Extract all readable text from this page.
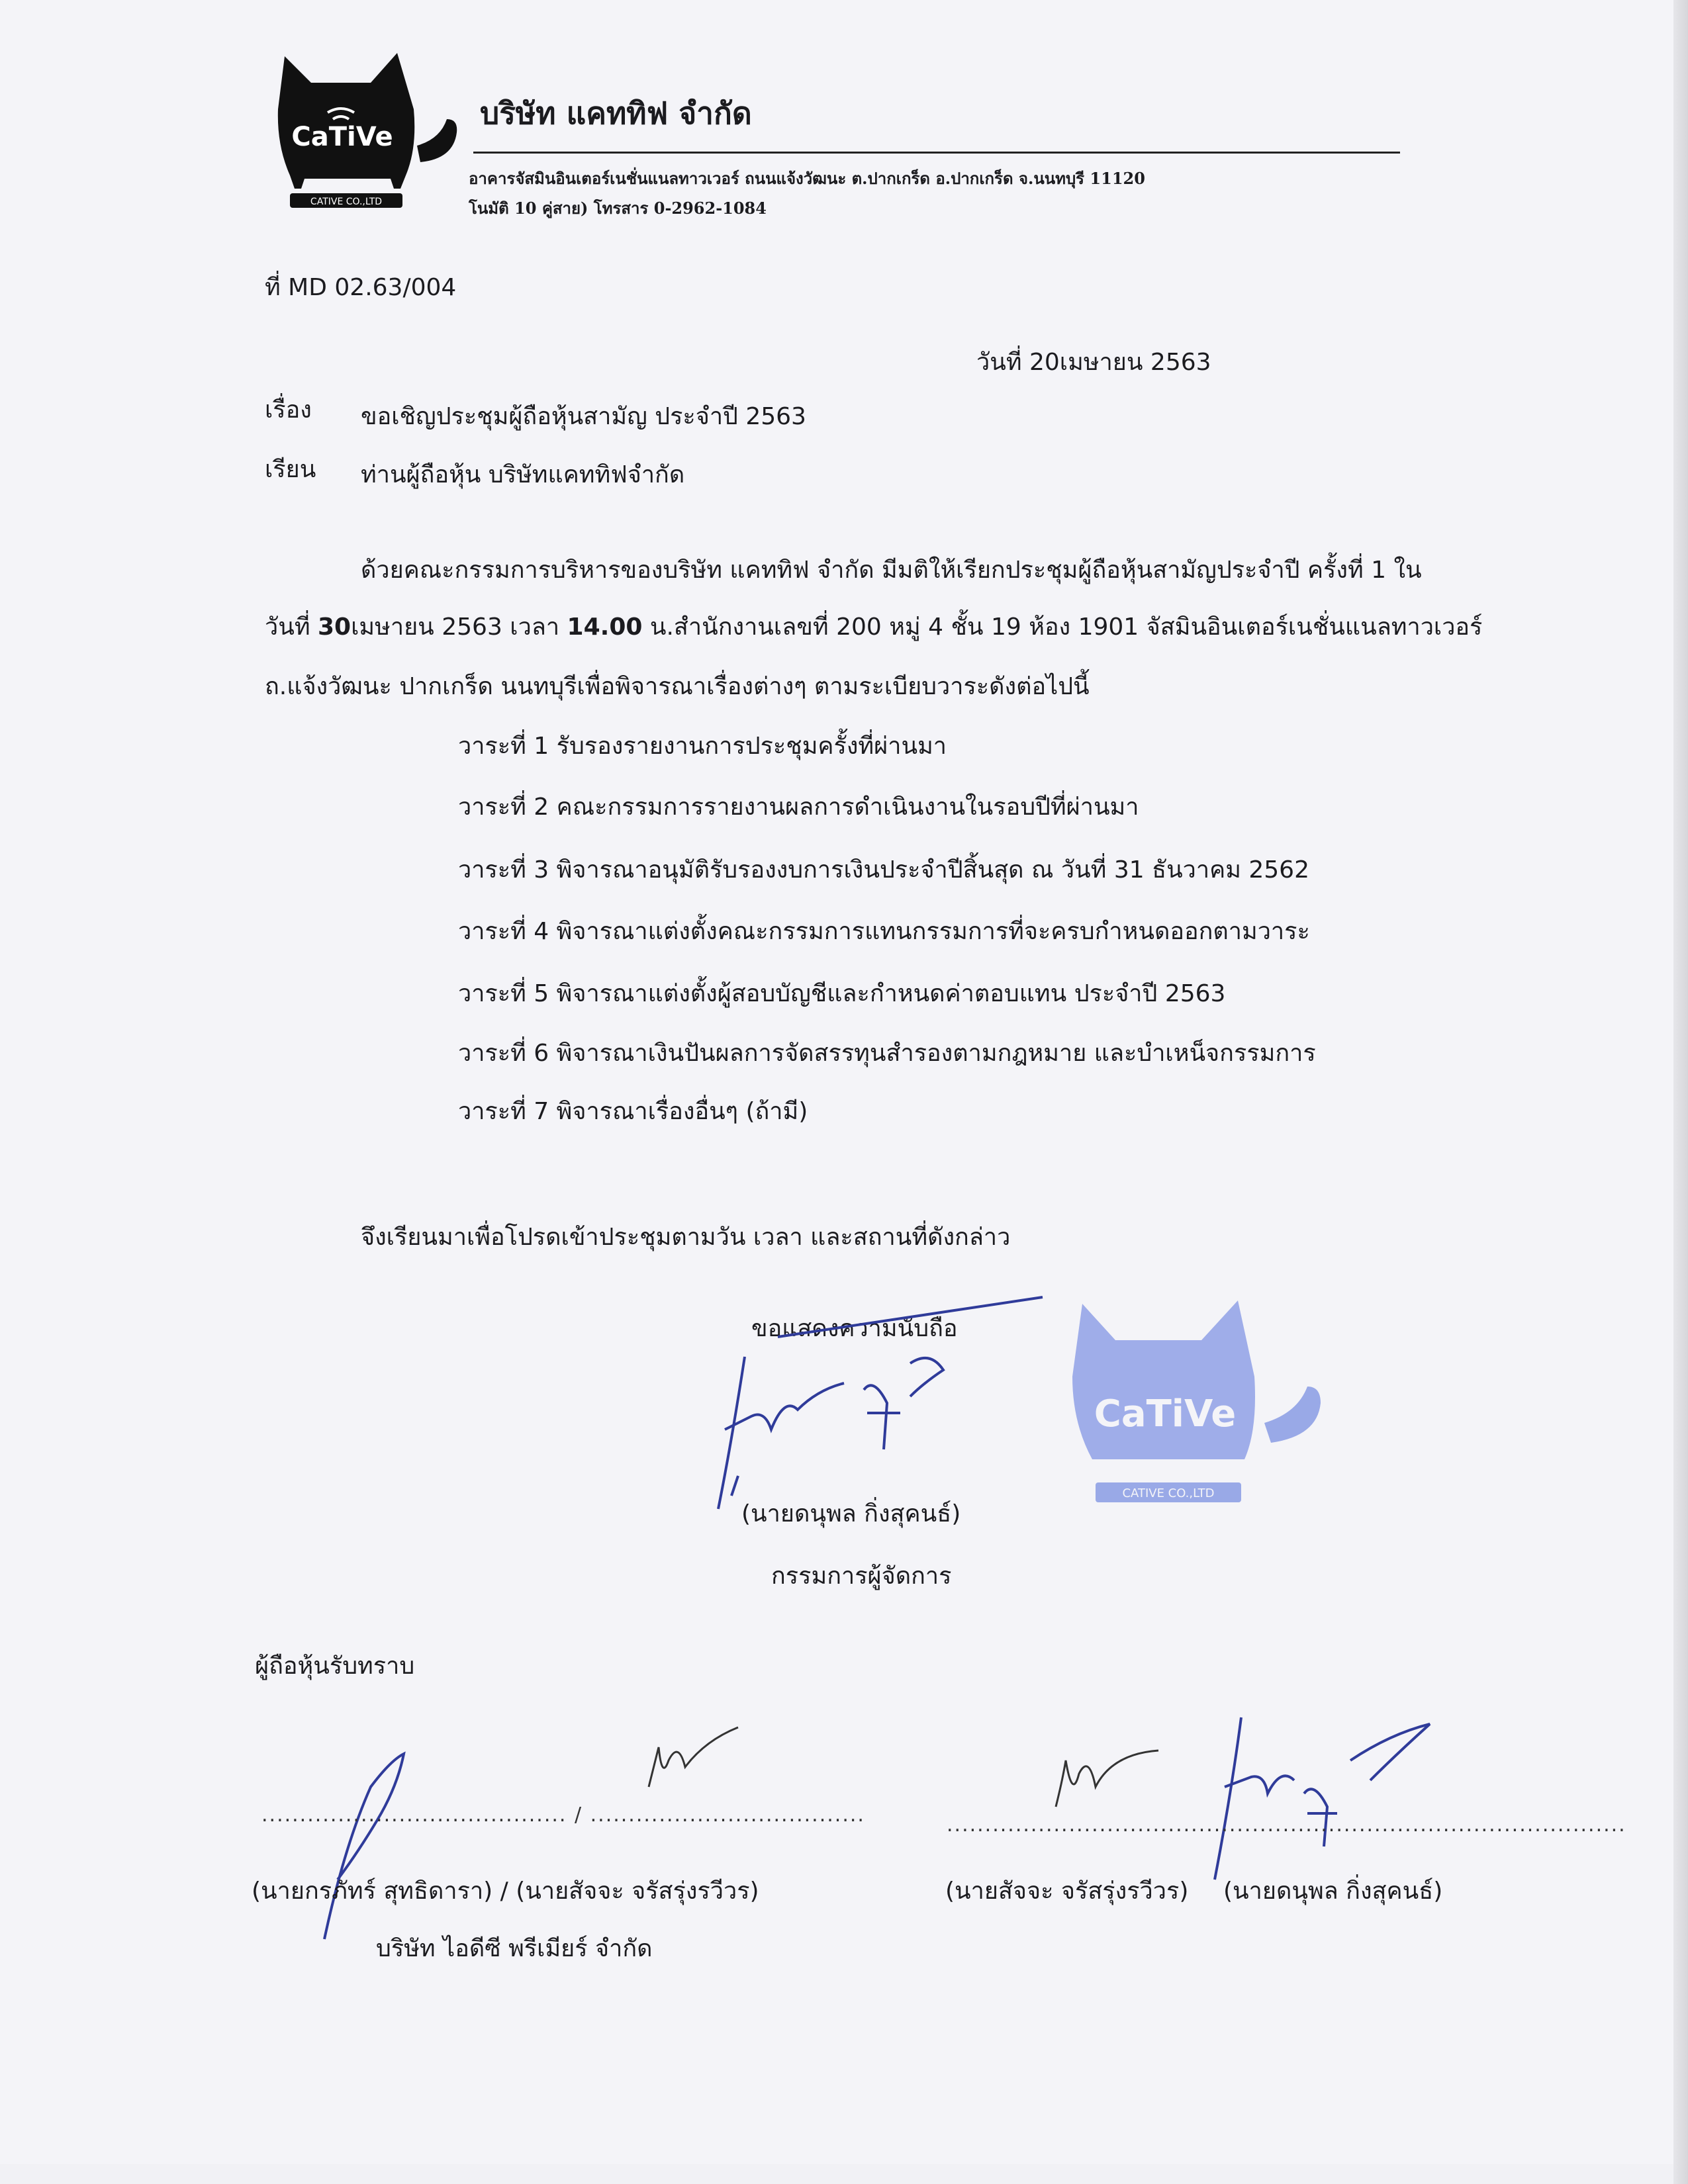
CaTiVe
CATIVE CO.,LTD
บริษัท แคททิฟ จำกัด
อาคารจัสมินอินเตอร์เนชั่นแนลทาวเวอร์ ถนนแจ้งวัฒนะ ต.ปากเกร็ด อ.ปากเกร็ด จ.นนทบุรี 11120
โนมัติ 10 คู่สาย) โทรสาร 0-2962-1084
ที่ MD 02.63/004
วันที่ 20เมษายน 2563
เรื่อง ขอเชิญประชุมผู้ถือหุ้นสามัญ ประจำปี 2563
เรียน ท่านผู้ถือหุ้น บริษัทแคททิฟจำกัด
ด้วยคณะกรรมการบริหารของบริษัท แคททิฟ จำกัด มีมติให้เรียกประชุมผู้ถือหุ้นสามัญประจำปี ครั้งที่ 1 ใน
วันที่ 30เมษายน 2563 เวลา 14.00 น.สำนักงานเลขที่ 200 หมู่ 4 ชั้น 19 ห้อง 1901 จัสมินอินเตอร์เนชั่นแนลทาวเวอร์
ถ.แจ้งวัฒนะ ปากเกร็ด นนทบุรีเพื่อพิจารณาเรื่องต่างๆ ตามระเบียบวาระดังต่อไปนี้
วาระที่ 1 รับรองรายงานการประชุมครั้งที่ผ่านมา
วาระที่ 2 คณะกรรมการรายงานผลการดำเนินงานในรอบปีที่ผ่านมา
วาระที่ 3 พิจารณาอนุมัติรับรองงบการเงินประจำปีสิ้นสุด ณ วันที่ 31 ธันวาคม 2562
วาระที่ 4 พิจารณาแต่งตั้งคณะกรรมการแทนกรรมการที่จะครบกำหนดออกตามวาระ
วาระที่ 5 พิจารณาแต่งตั้งผู้สอบบัญชีและกำหนดค่าตอบแทน ประจำปี 2563
วาระที่ 6 พิจารณาเงินปันผลการจัดสรรทุนสำรองตามกฎหมาย และบำเหน็จกรรมการ
วาระที่ 7 พิจารณาเรื่องอื่นๆ (ถ้ามี)
จึงเรียนมาเพื่อโปรดเข้าประชุมตามวัน เวลา และสถานที่ดังกล่าว
ขอแสดงความนับถือ
(นายดนุพล กิ่งสุคนธ์)
กรรมการผู้จัดการ
CaTiVe
CATIVE CO.,LTD
ผู้ถือหุ้นรับทราบ
........................................ / ....................................
(นายกรภัทร์ สุทธิดารา) / (นายสัจจะ จรัสรุ่งรวีวร)
บริษัท ไอดีซี พรีเมียร์ จำกัด
.........................................................................................
(นายสัจจะ จรัสรุ่งรวีวร) (นายดนุพล กิ่งสุคนธ์)
